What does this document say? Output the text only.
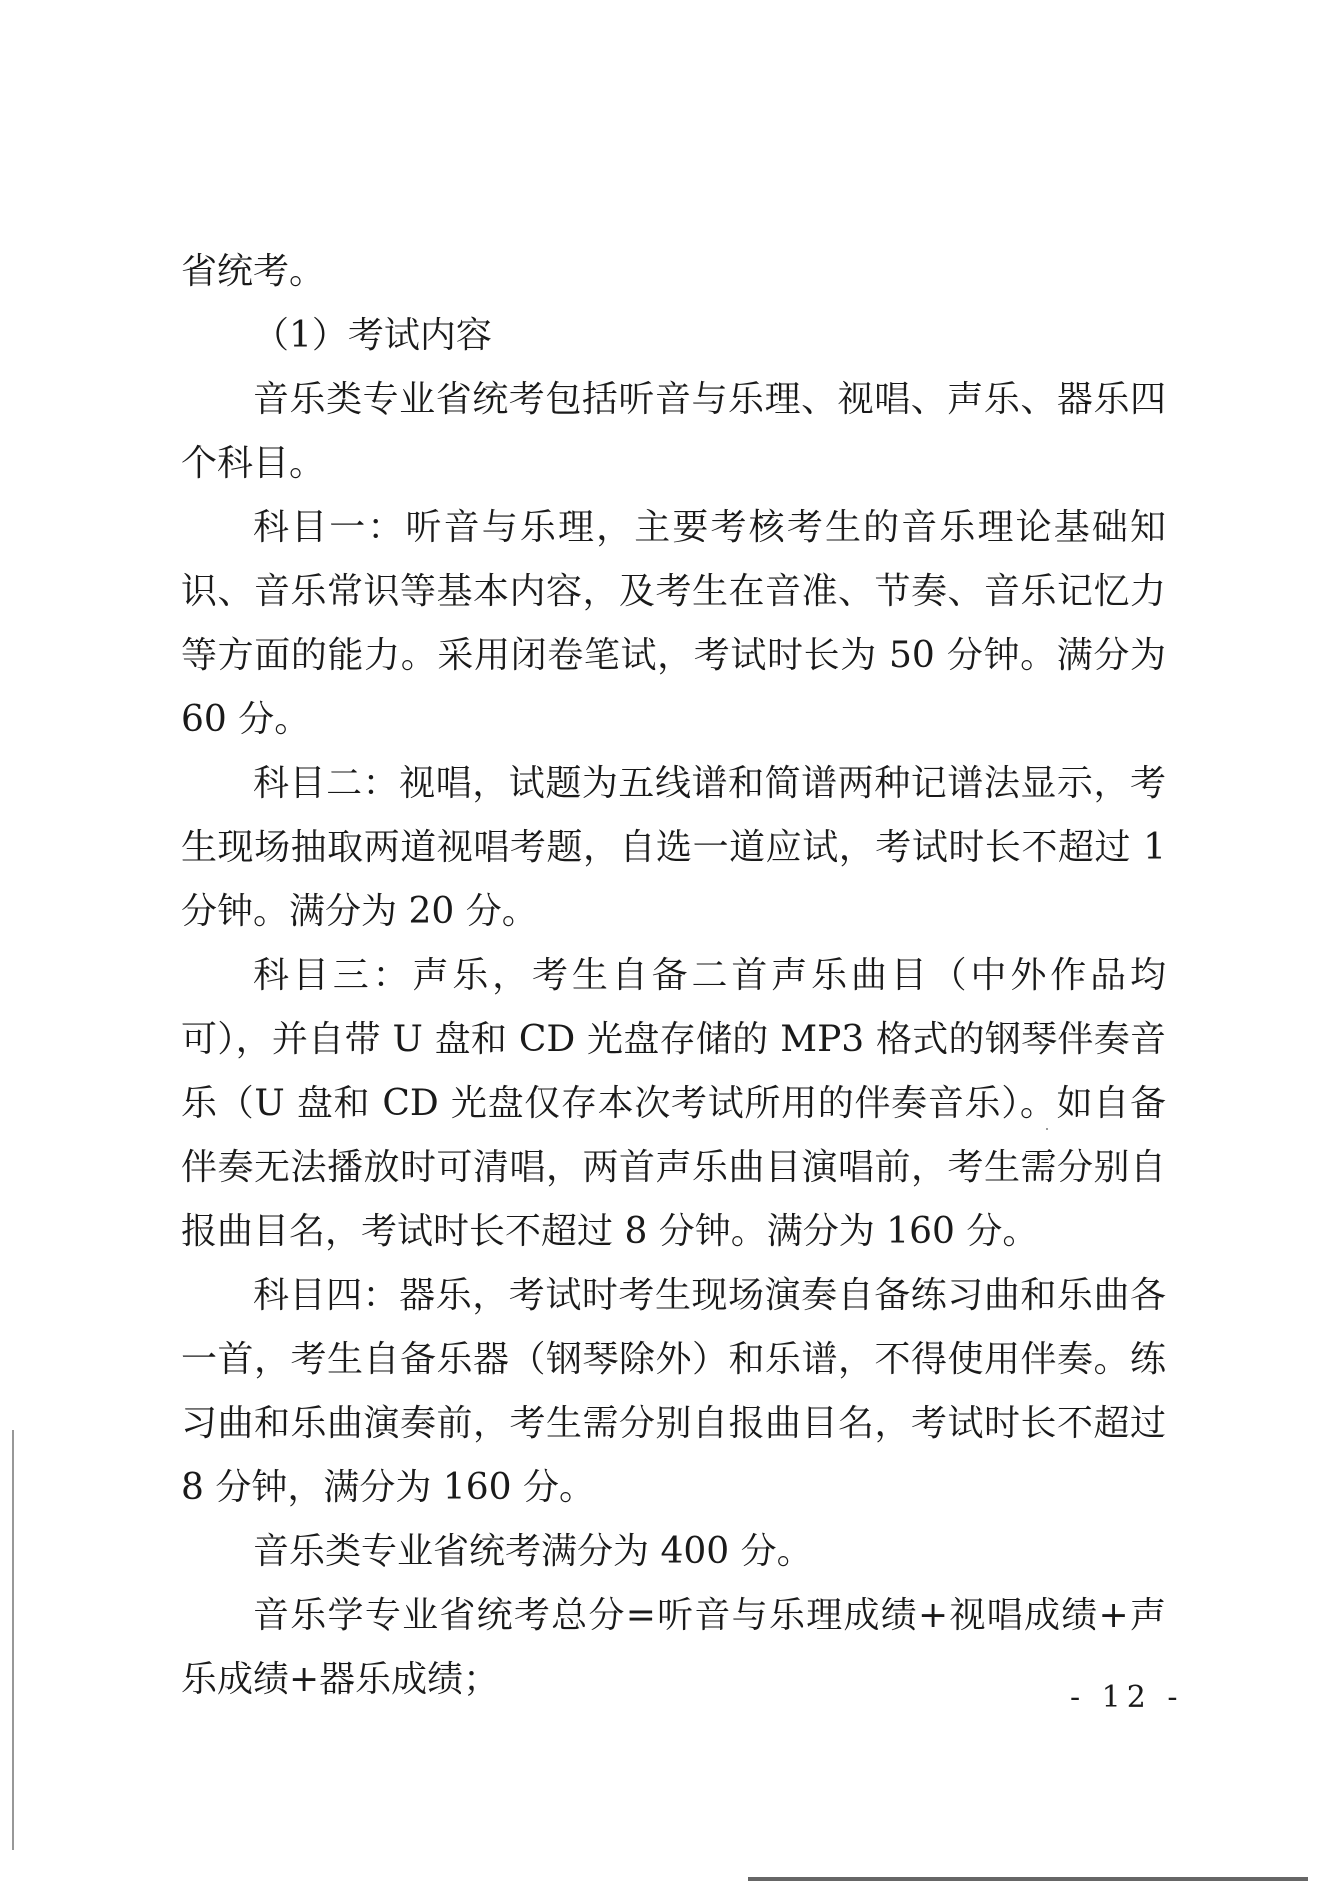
省统考。

（1）考试内容

音乐类专业省统考包括听音与乐理、视唱、声乐、器乐四个科目。

科目一：听音与乐理，主要考核考生的音乐理论基础知识、音乐常识等基本内容，及考生在音准、节奏、音乐记忆力等方面的能力。采用闭卷笔试，考试时长为 50 分钟。满分为 60 分。

科目二：视唱，试题为五线谱和简谱两种记谱法显示，考生现场抽取两道视唱考题，自选一道应试，考试时长不超过 1 分钟。满分为 20 分。

科目三：声乐，考生自备二首声乐曲目（中外作品均可），并自带 U 盘和 CD 光盘存储的 MP3 格式的钢琴伴奏音乐（U 盘和 CD 光盘仅存本次考试所用的伴奏音乐）。如自备伴奏无法播放时可清唱，两首声乐曲目演唱前，考生需分别自报曲目名，考试时长不超过 8 分钟。满分为 160 分。

科目四：器乐，考试时考生现场演奏自备练习曲和乐曲各一首，考生自备乐器（钢琴除外）和乐谱，不得使用伴奏。练习曲和乐曲演奏前，考生需分别自报曲目名，考试时长不超过 8 分钟，满分为 160 分。

音乐类专业省统考满分为 400 分。

音乐学专业省统考总分=听音与乐理成绩+视唱成绩+声乐成绩+器乐成绩；	- 12 -
